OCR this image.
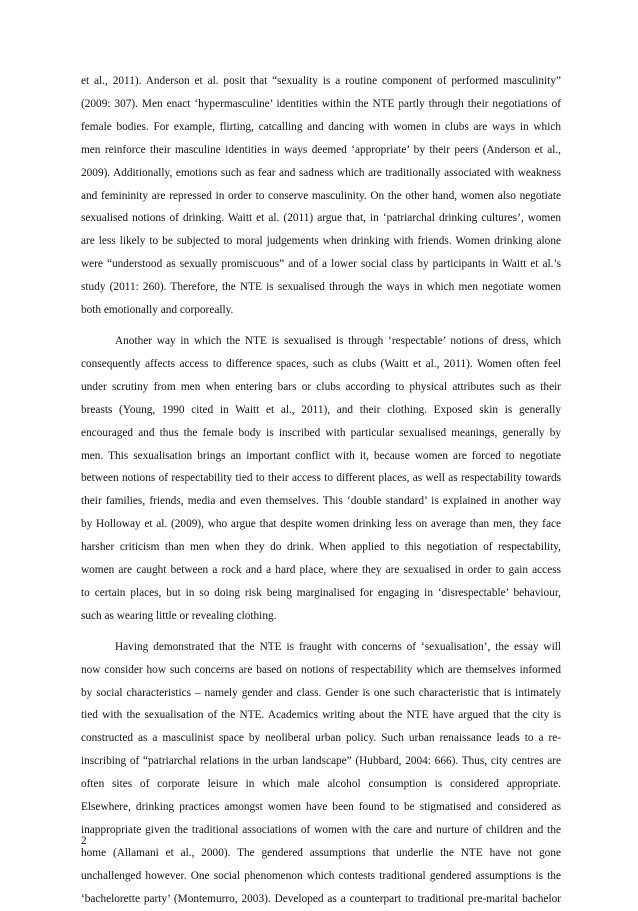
et al., 2011). Anderson et al. posit that “sexuality is a routine component of performed masculinity”
(2009: 307). Men enact ‘hypermasculine’ identities within the NTE partly through their negotiations of
female bodies. For example, flirting, catcalling and dancing with women in clubs are ways in which
men reinforce their masculine identities in ways deemed ‘appropriate’ by their peers (Anderson et al.,
2009). Additionally, emotions such as fear and sadness which are traditionally associated with weakness
and femininity are repressed in order to conserve masculinity. On the other hand, women also negotiate
sexualised notions of drinking. Waitt et al. (2011) argue that, in ‘patriarchal drinking cultures’, women
are less likely to be subjected to moral judgements when drinking with friends. Women drinking alone
were “understood as sexually promiscuous” and of a lower social class by participants in Waitt et al.’s
study (2011: 260). Therefore, the NTE is sexualised through the ways in which men negotiate women
both emotionally and corporeally.

Another way in which the NTE is sexualised is through ‘respectable’ notions of dress, which
consequently affects access to difference spaces, such as clubs (Waitt et al., 2011). Women often feel
under scrutiny from men when entering bars or clubs according to physical attributes such as their
breasts (Young, 1990 cited in Waitt et al., 2011), and their clothing. Exposed skin is generally
encouraged and thus the female body is inscribed with particular sexualised meanings, generally by
men. This sexualisation brings an important conflict with it, because women are forced to negotiate
between notions of respectability tied to their access to different places, as well as respectability towards
their families, friends, media and even themselves. This ‘double standard’ is explained in another way
by Holloway et al. (2009), who argue that despite women drinking less on average than men, they face
harsher criticism than men when they do drink. When applied to this negotiation of respectability,
women are caught between a rock and a hard place, where they are sexualised in order to gain access
to certain places, but in so doing risk being marginalised for engaging in ‘disrespectable’ behaviour,
such as wearing little or revealing clothing.

Having demonstrated that the NTE is fraught with concerns of ‘sexualisation’, the essay will
now consider how such concerns are based on notions of respectability which are themselves informed
by social characteristics – namely gender and class. Gender is one such characteristic that is intimately
tied with the sexualisation of the NTE. Academics writing about the NTE have argued that the city is
constructed as a masculinist space by neoliberal urban policy. Such urban renaissance leads to a re-
inscribing of “patriarchal relations in the urban landscape” (Hubbard, 2004: 666). Thus, city centres are
often sites of corporate leisure in which male alcohol consumption is considered appropriate.
Elsewhere, drinking practices amongst women have been found to be stigmatised and considered as
inappropriate given the traditional associations of women with the care and nurture of children and the
home (Allamani et al., 2000). The gendered assumptions that underlie the NTE have not gone
unchallenged however. One social phenomenon which contests traditional gendered assumptions is the
‘bachelorette party’ (Montemurro, 2003). Developed as a counterpart to traditional pre-marital bachelor

2
